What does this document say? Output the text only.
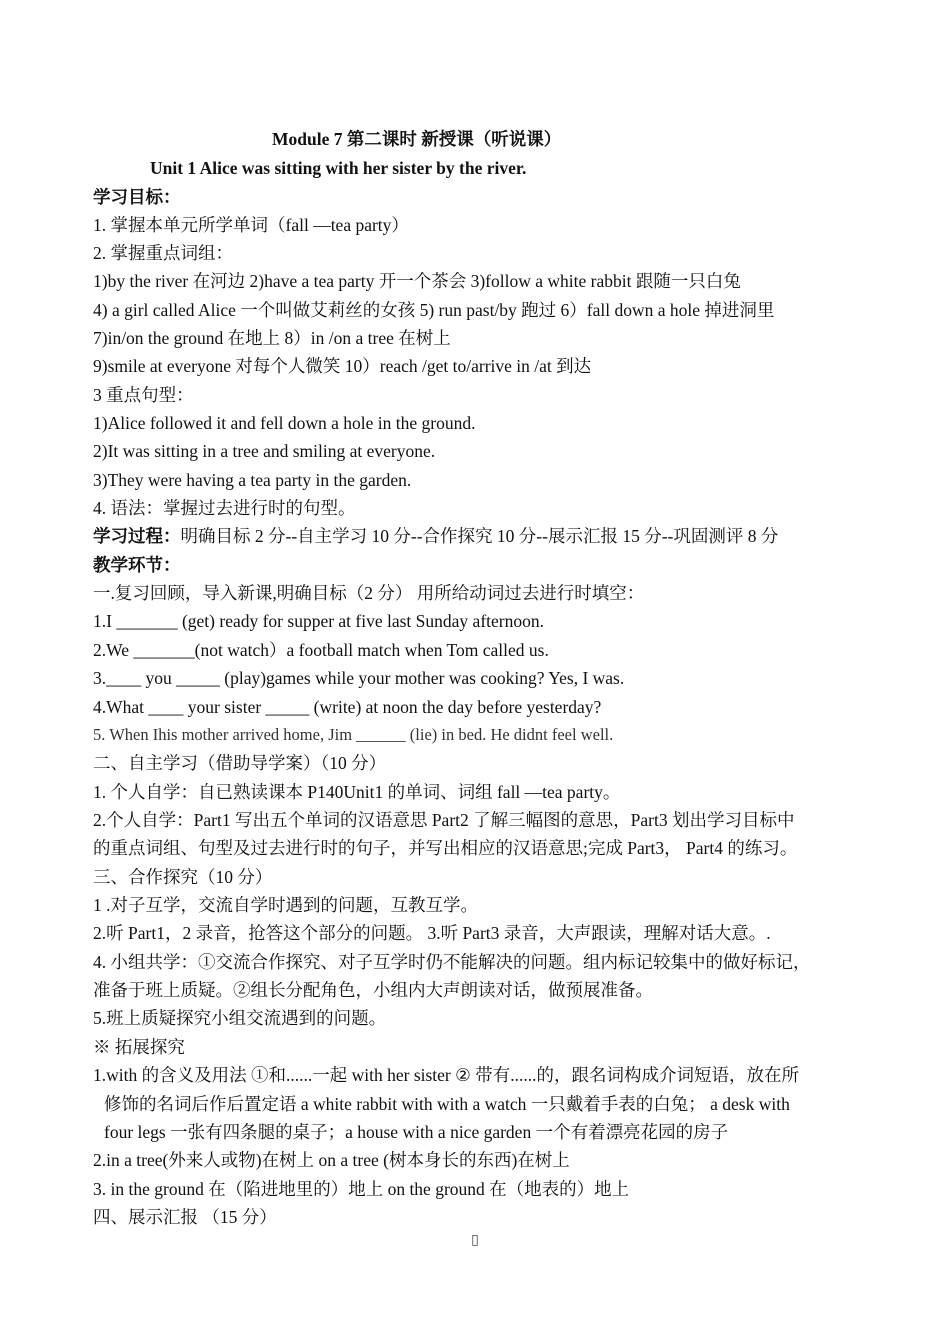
Module 7 第二课时 新授课（听说课）
Unit 1 Alice was sitting with her sister by the river.
学习目标：
1. 掌握本单元所学单词（fall —tea party）
2. 掌握重点词组：
1)by the river 在河边 2)have a tea party 开一个茶会 3)follow a white rabbit 跟随一只白兔
4) a girl called Alice 一个叫做艾莉丝的女孩 5) run past/by 跑过 6）fall down a hole 掉进洞里
7)in/on the ground 在地上 8）in /on a tree 在树上
9)smile at everyone 对每个人微笑 10）reach /get to/arrive in /at 到达
3 重点句型：
1)Alice followed it and fell down a hole in the ground.
2)It was sitting in a tree and smiling at everyone.
3)They were having a tea party in the garden.
4. 语法：掌握过去进行时的句型。
学习过程：明确目标 2 分--自主学习 10 分--合作探究 10 分--展示汇报 15 分--巩固测评 8 分
教学环节：
一.复习回顾，导入新课,明确目标（2 分） 用所给动词过去进行时填空：
1.I _______ (get) ready for supper at five last Sunday afternoon.
2.We _______(not watch）a football match when Tom called us.
3.____ you _____ (play)games while your mother was cooking? Yes, I was.
4.What ____ your sister _____ (write) at noon the day before yesterday?
5. When Ihis mother arrived home, Jim ______ (lie) in bed. He didnt feel well.
二、自主学习（借助导学案）（10 分）
1. 个人自学：自已熟读课本 P140Unit1 的单词、词组 fall —tea party。
2.个人自学：Part1 写出五个单词的汉语意思 Part2 了解三幅图的意思，Part3 划出学习目标中
的重点词组、句型及过去进行时的句子，并写出相应的汉语意思;完成 Part3， Part4 的练习。
三、合作探究（10 分）
1 .对子互学，交流自学时遇到的问题，互教互学。
2.听 Part1，2 录音，抢答这个部分的问题。 3.听 Part3 录音，大声跟读，理解对话大意。.
4. 小组共学：①交流合作探究、对子互学时仍不能解决的问题。组内标记较集中的做好标记，
准备于班上质疑。②组长分配角色，小组内大声朗读对话，做预展准备。
5.班上质疑探究小组交流遇到的问题。
※ 拓展探究
1.with 的含义及用法 ①和......一起 with her sister ② 带有......的，跟名词构成介词短语，放在所
修饰的名词后作后置定语 a white rabbit with with a watch 一只戴着手表的白兔； a desk with
four legs 一张有四条腿的桌子；a house with a nice garden 一个有着漂亮花园的房子
2.in a tree(外来人或物)在树上 on a tree (树本身长的东西)在树上
3. in the ground 在（陷进地里的）地上 on the ground 在（地表的）地上
四、展示汇报 （15 分）
▯
